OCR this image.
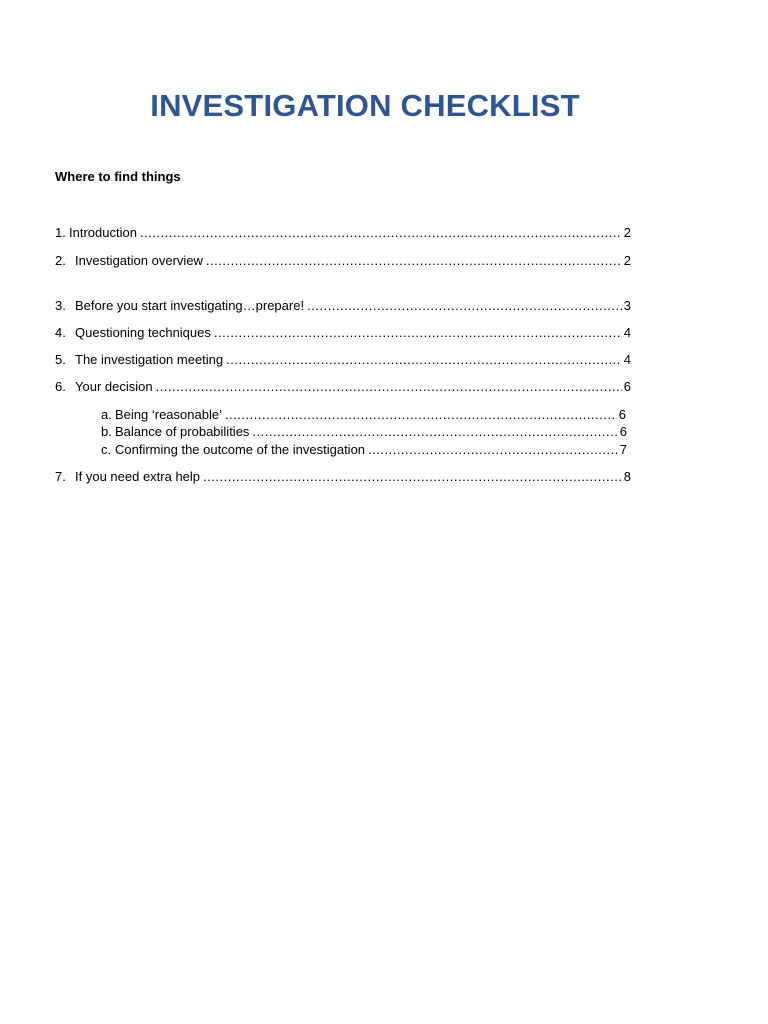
INVESTIGATION CHECKLIST
Where to find things
1. Introduction .....	2
2. Investigation overview .....	2
3. Before you start investigating…prepare! .....	3
4. Questioning techniques .....	4
5. The investigation meeting .....	4
6. Your decision .....	6
a. Being ‘reasonable’ .....	6
b. Balance of probabilities .....	6
c. Confirming the outcome of the investigation .....	7
7. If you need extra help .....	8
